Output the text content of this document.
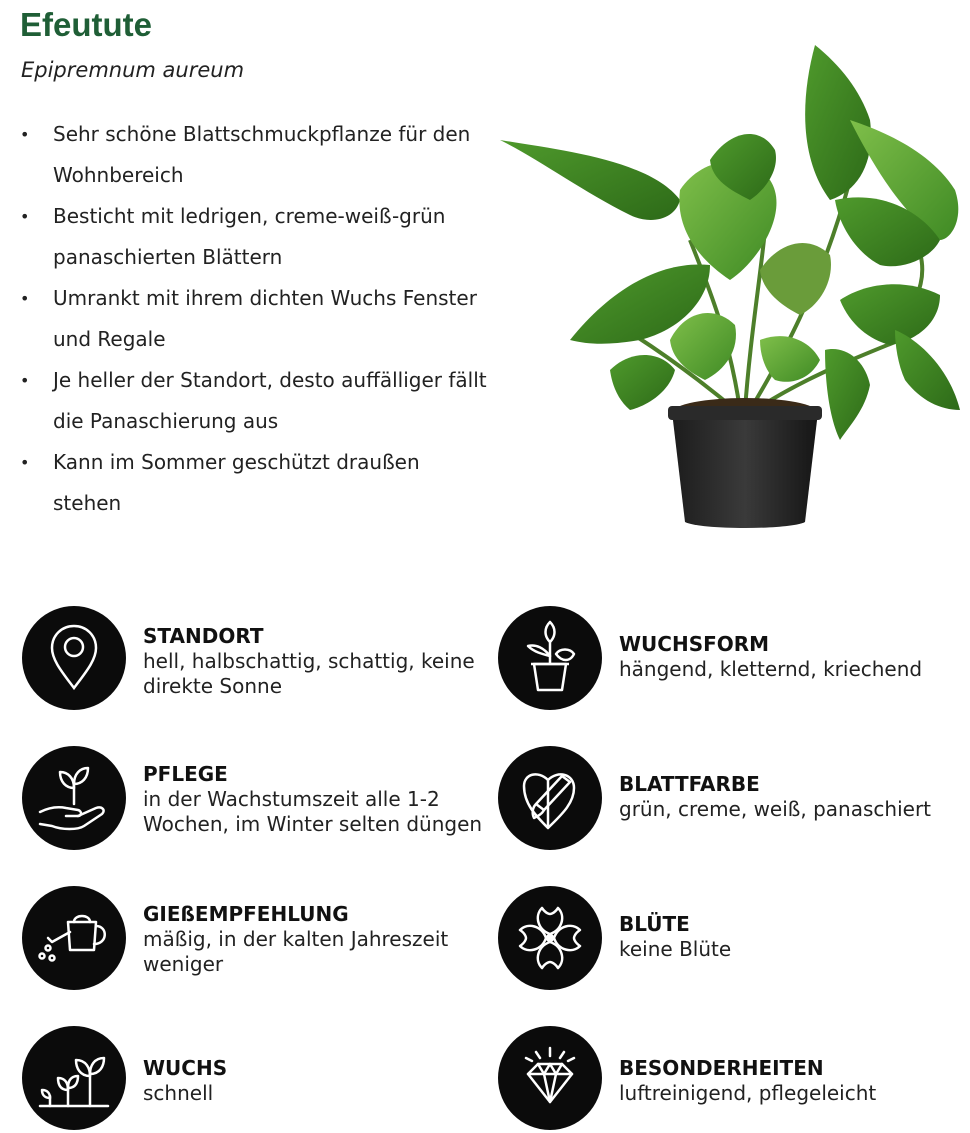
Efeutute

Epipremnum aureum

• Sehr schöne Blattschmuckpflanze für den Wohnbereich
• Besticht mit ledrigen, creme-weiß-grün panaschierten Blättern
• Umrankt mit ihrem dichten Wuchs Fenster und Regale
• Je heller der Standort, desto auffälliger fällt die Panaschierung aus
• Kann im Sommer geschützt draußen stehen
STANDORT
hell, halbschattig, schattig, keine direkte Sonne
WUCHSFORM
hängend, kletternd, kriechend
PFLEGE
in der Wachstumszeit alle 1-2 Wochen, im Winter selten düngen
BLATTFARBE
grün, creme, weiß, panaschiert
GIEßEMPFEHLUNG
mäßig, in der kalten Jahreszeit weniger
BLÜTE
keine Blüte
WUCHS
schnell
BESONDERHEITEN
luftreinigend, pflegeleicht
